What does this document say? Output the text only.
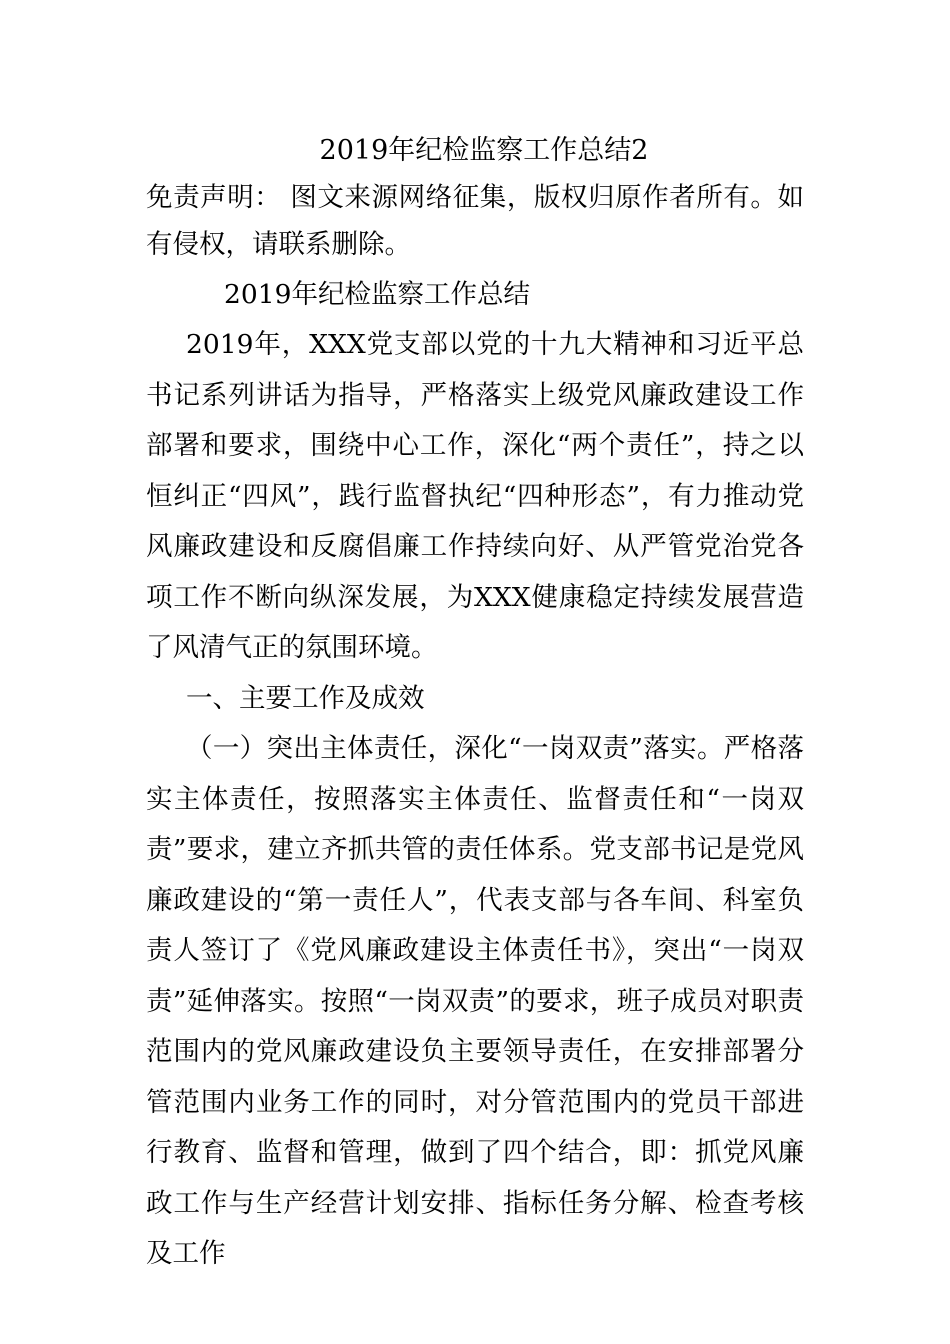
2019年纪检监察工作总结2

免责声明： 图文来源网络征集，版权归原作者所有。如有侵权，请联系删除。

2019年纪检监察工作总结

2019年，XXX党支部以党的十九大精神和习近平总书记系列讲话为指导，严格落实上级党风廉政建设工作部署和要求，围绕中心工作，深化“两个责任”，持之以恒纠正“四风”，践行监督执纪“四种形态”，有力推动党风廉政建设和反腐倡廉工作持续向好、从严管党治党各项工作不断向纵深发展，为XXX健康稳定持续发展营造了风清气正的氛围环境。

一、主要工作及成效

（一）突出主体责任，深化“一岗双责”落实。严格落实主体责任，按照落实主体责任、监督责任和“一岗双责”要求，建立齐抓共管的责任体系。党支部书记是党风廉政建设的“第一责任人”，代表支部与各车间、科室负责人签订了《党风廉政建设主体责任书》，突出“一岗双责”延伸落实。按照“一岗双责”的要求，班子成员对职责范围内的党风廉政建设负主要领导责任，在安排部署分管范围内业务工作的同时，对分管范围内的党员干部进行教育、监督和管理，做到了四个结合，即：抓党风廉政工作与生产经营计划安排、指标任务分解、检查考核及工作
